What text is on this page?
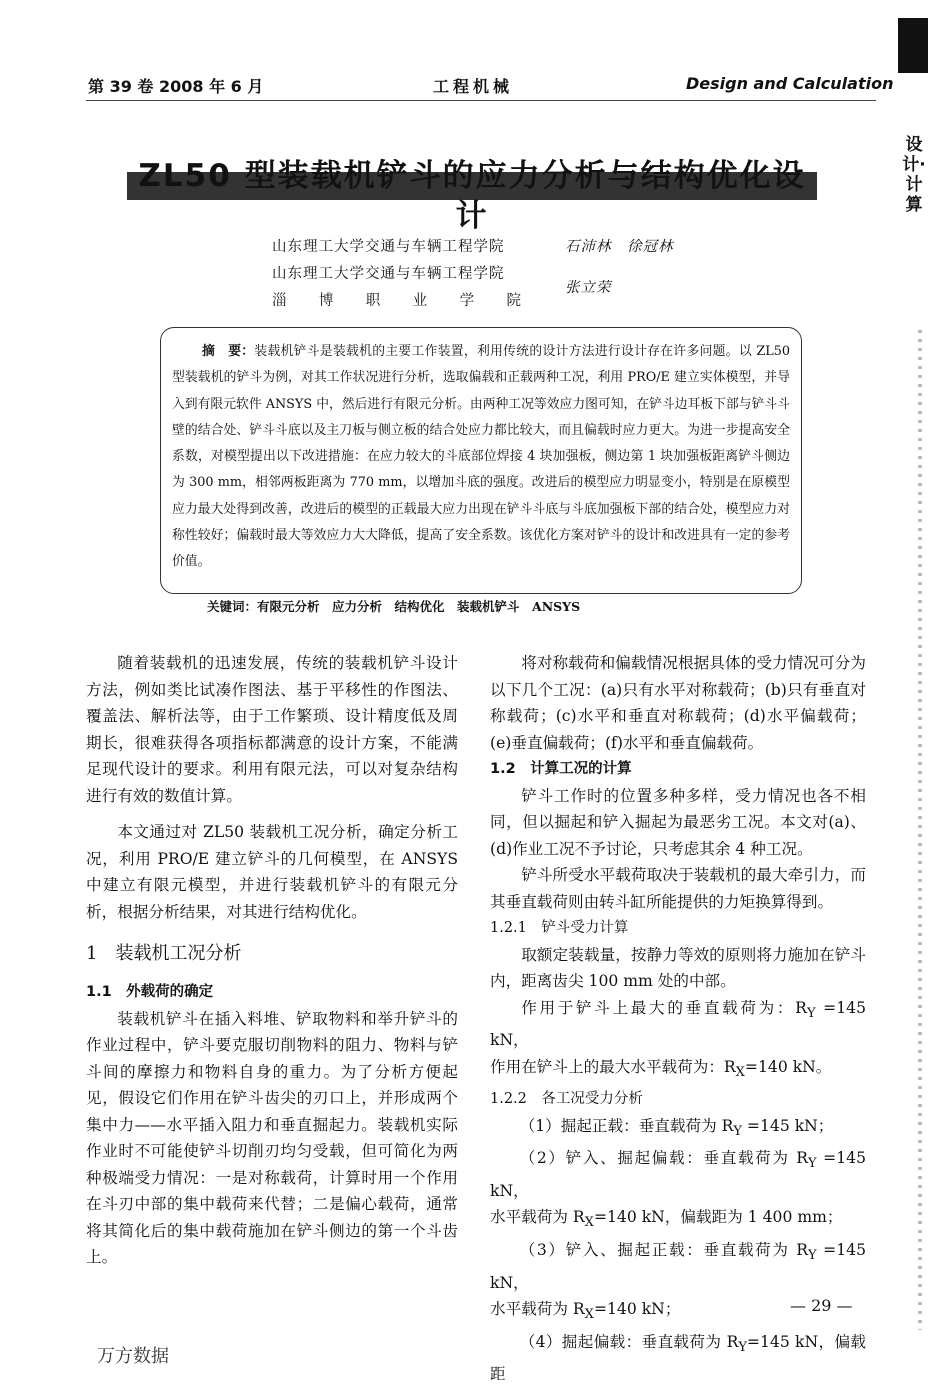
设计·计算
第 39 卷 2008 年 6 月	工程机械	Design and Calculation
ZL50 型装载机铲斗的应力分析与结构优化设计
山东理工大学交通与车辆工程学院	石沛林　徐冠林
山东理工大学交通与车辆工程学院
张立荣
淄 博 职 业 学 院
摘　要：装载机铲斗是装载机的主要工作装置，利用传统的设计方法进行设计存在许多问题。以 ZL50 型装载机的铲斗为例，对其工作状况进行分析，选取偏载和正载两种工况，利用 PRO/E 建立实体模型，并导入到有限元软件 ANSYS 中，然后进行有限元分析。由两种工况等效应力图可知，在铲斗边耳板下部与铲斗斗壁的结合处、铲斗斗底以及主刀板与侧立板的结合处应力都比较大，而且偏载时应力更大。为进一步提高安全系数，对模型提出以下改进措施：在应力较大的斗底部位焊接 4 块加强板，侧边第 1 块加强板距离铲斗侧边为 300 mm，相邻两板距离为 770 mm，以增加斗底的强度。改进后的模型应力明显变小，特别是在原模型应力最大处得到改善，改进后的模型的正载最大应力出现在铲斗斗底与斗底加强板下部的结合处，模型应力对称性较好；偏载时最大等效应力大大降低，提高了安全系数。该优化方案对铲斗的设计和改进具有一定的参考价值。
关键词：有限元分析　应力分析　结构优化　装载机铲斗　ANSYS

随着装载机的迅速发展，传统的装载机铲斗设计方法，例如类比试凑作图法、基于平移性的作图法、覆盖法、解析法等，由于工作繁琐、设计精度低及周期长，很难获得各项指标都满意的设计方案，不能满足现代设计的要求。利用有限元法，可以对复杂结构进行有效的数值计算。

本文通过对 ZL50 装载机工况分析，确定分析工况，利用 PRO/E 建立铲斗的几何模型，在 ANSYS 中建立有限元模型，并进行装载机铲斗的有限元分析，根据分析结果，对其进行结构优化。

1　装载机工况分析

1.1　外载荷的确定

装载机铲斗在插入料堆、铲取物料和举升铲斗的作业过程中，铲斗要克服切削物料的阻力、物料与铲斗间的摩擦力和物料自身的重力。为了分析方便起见，假设它们作用在铲斗齿尖的刃口上，并形成两个集中力——水平插入阻力和垂直掘起力。装载机实际作业时不可能使铲斗切削刃均匀受载，但可简化为两种极端受力情况：一是对称载荷，计算时用一个作用在斗刃中部的集中载荷来代替；二是偏心载荷，通常将其简化后的集中载荷施加在铲斗侧边的第一个斗齿上。

将对称载荷和偏载情况根据具体的受力情况可分为以下几个工况：(a)只有水平对称载荷；(b)只有垂直对称载荷；(c)水平和垂直对称载荷；(d)水平偏载荷；(e)垂直偏载荷；(f)水平和垂直偏载荷。

1.2　计算工况的计算

铲斗工作时的位置多种多样，受力情况也各不相同，但以掘起和铲入掘起为最恶劣工况。本文对(a)、(d)作业工况不予讨论，只考虑其余 4 种工况。

铲斗所受水平载荷取决于装载机的最大牵引力，而其垂直载荷则由转斗缸所能提供的力矩换算得到。

1.2.1　铲斗受力计算

取额定装载量，按静力等效的原则将力施加在铲斗内，距离齿尖 100 mm 处的中部。

作用于铲斗上最大的垂直载荷为：$R_Y =145$ kN，

作用在铲斗上的最大水平载荷为：$R_X=140$ kN。

1.2.2　各工况受力分析

（1）掘起正载：垂直载荷为 $R_Y =145$ kN；

（2）铲入、掘起偏载：垂直载荷为 $R_Y =145$ kN，

水平载荷为 $R_X=140$ kN，偏载距为 1 400 mm；

（3）铲入、掘起正载：垂直载荷为 $R_Y =145$ kN，

水平载荷为 $R_X=140$ kN；

（4）掘起偏载：垂直载荷为 $R_Y=145$ kN，偏载距

— 29 —
万方数据
